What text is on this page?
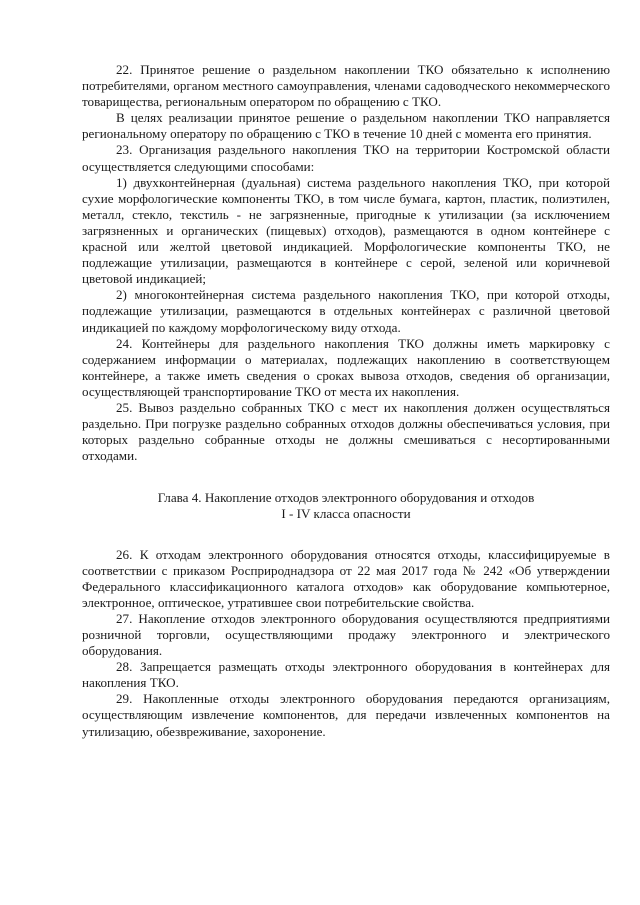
22. Принятое решение о раздельном накоплении ТКО обязательно к исполнению потребителями, органом местного самоуправления, членами садоводческого некоммерческого товарищества, региональным оператором по обращению с ТКО.

В целях реализации принятое решение о раздельном накоплении ТКО направляется региональному оператору по обращению с ТКО в течение 10 дней с момента его принятия.

23. Организация раздельного накопления ТКО на территории Костромской области осуществляется следующими способами:

1) двухконтейнерная (дуальная) система раздельного накопления ТКО, при которой сухие морфологические компоненты ТКО, в том числе бумага, картон, пластик, полиэтилен, металл, стекло, текстиль - не загрязненные, пригодные к утилизации (за исключением загрязненных и органических (пищевых) отходов), размещаются в одном контейнере с красной или желтой цветовой индикацией. Морфологические компоненты ТКО, не подлежащие утилизации, размещаются в контейнере с серой, зеленой или коричневой цветовой индикацией;

2) многоконтейнерная система раздельного накопления ТКО, при которой отходы, подлежащие утилизации, размещаются в отдельных контейнерах с различной цветовой индикацией по каждому морфологическому виду отхода.

24. Контейнеры для раздельного накопления ТКО должны иметь маркировку с содержанием информации о материалах, подлежащих накоплению в соответствующем контейнере, а также иметь сведения о сроках вывоза отходов, сведения об организации, осуществляющей транспортирование ТКО от места их накопления.

25. Вывоз раздельно собранных ТКО с мест их накопления должен осуществляться раздельно. При погрузке раздельно собранных отходов должны обеспечиваться условия, при которых раздельно собранные отходы не должны смешиваться с несортированными отходами.

Глава 4. Накопление отходов электронного оборудования и отходов
I - IV класса опасности

26. К отходам электронного оборудования относятся отходы, классифицируемые в соответствии с приказом Росприроднадзора от 22 мая 2017 года № 242 «Об утверждении Федерального классификационного каталога отходов» как оборудование компьютерное, электронное, оптическое, утратившее свои потребительские свойства.

27. Накопление отходов электронного оборудования осуществляются предприятиями розничной торговли, осуществляющими продажу электронного и электрического оборудования.

28. Запрещается размещать отходы электронного оборудования в контейнерах для накопления ТКО.

29. Накопленные отходы электронного оборудования передаются организациям, осуществляющим извлечение компонентов, для передачи извлеченных компонентов на утилизацию, обезвреживание, захоронение.
